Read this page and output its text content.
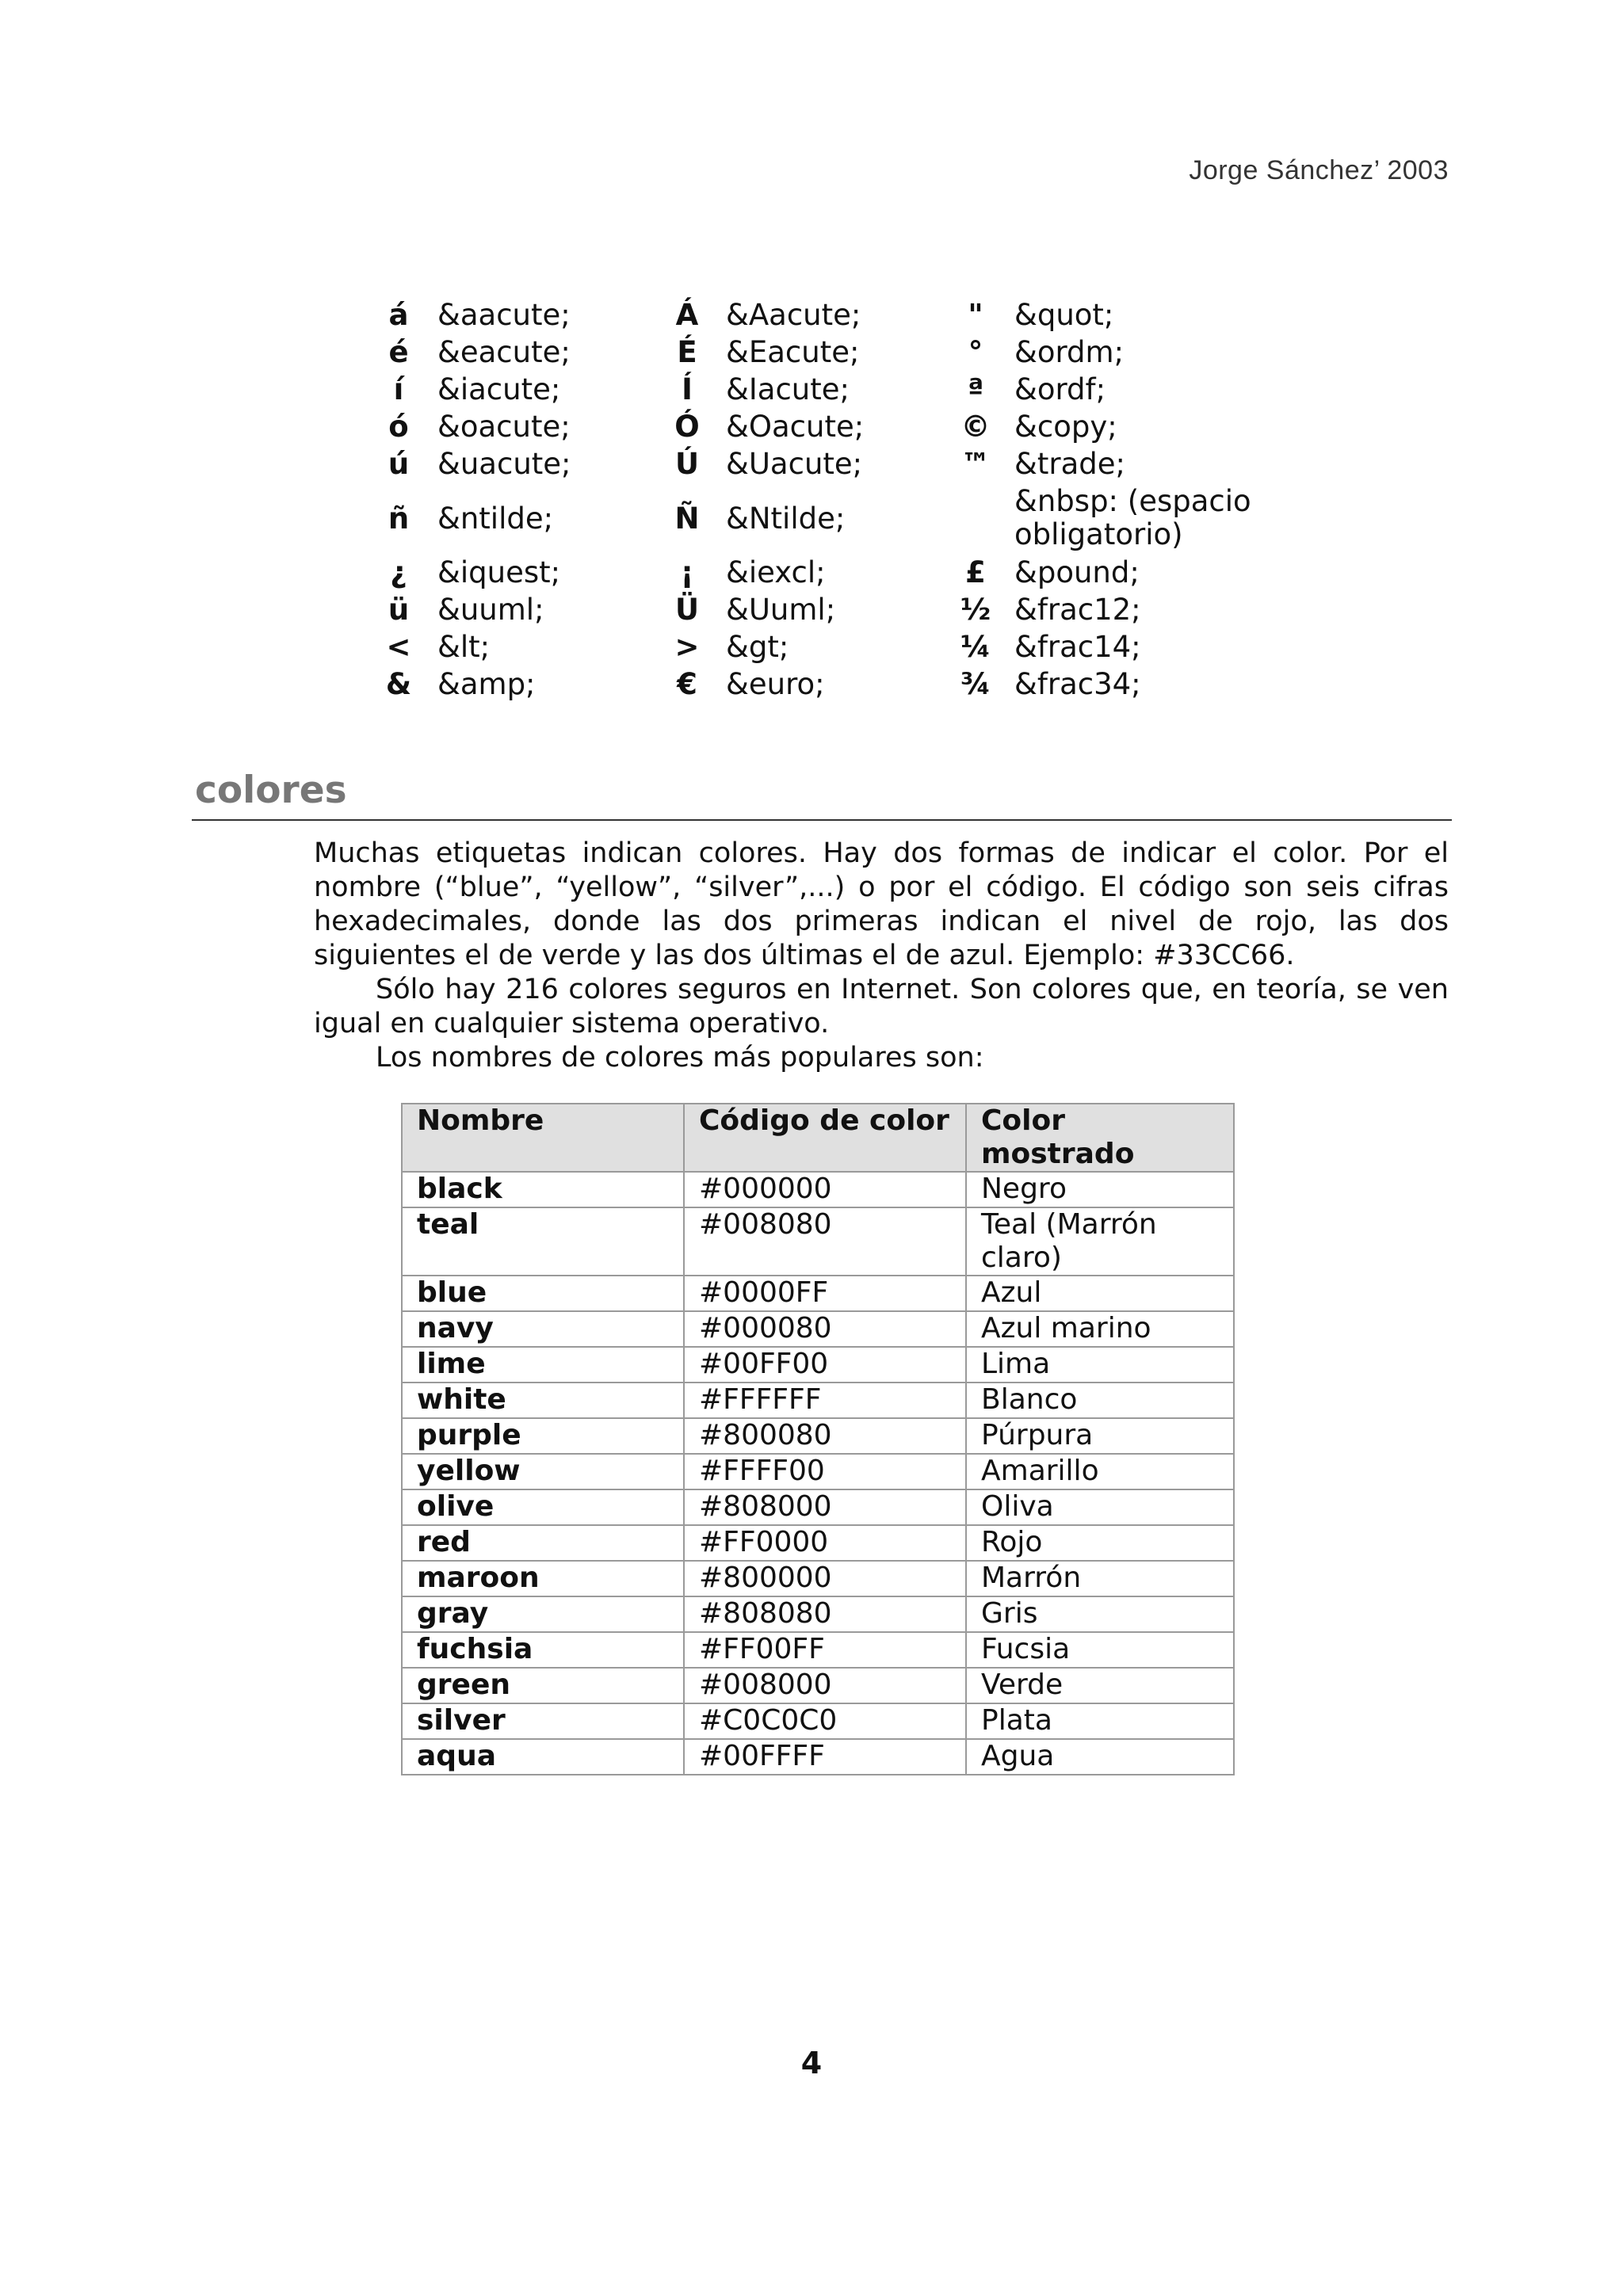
Jorge Sánchez’ 2003
á	&aacute;	Á	&Aacute;	"	&quot;
é	&eacute;	É	&Eacute;	°	&ordm;
í	&iacute;	Í	&Iacute;	ª	&ordf;
ó	&oacute;	Ó	&Oacute;	©	&copy;
ú	&uacute;	Ú	&Uacute;	™	&trade;
ñ	&ntilde;	Ñ	&Ntilde;		&nbsp: (espacio obligatorio)
¿	&iquest;	¡	&iexcl;	£	&pound;
ü	&uuml;	Ü	&Uuml;	½	&frac12;
<	&lt;	>	&gt;	¼	&frac14;
&	&amp;	€	&euro;	¾	&frac34;
colores

Muchas etiquetas indican colores. Hay dos formas de indicar el color. Por el nombre (“blue”, “yellow”, “silver”,...) o por el código. El código son seis cifras hexadecimales, donde las dos primeras indican el nivel de rojo, las dos siguientes el de verde y las dos últimas el de azul. Ejemplo: #33CC66.

Sólo hay 216 colores seguros en Internet. Son colores que, en teoría, se ven igual en cualquier sistema operativo.

Los nombres de colores más populares son:

Nombre	Código de color	Color mostrado
black	#000000	Negro
teal	#008080	Teal (Marrón claro)
blue	#0000FF	Azul
navy	#000080	Azul marino
lime	#00FF00	Lima
white	#FFFFFF	Blanco
purple	#800080	Púrpura
yellow	#FFFF00	Amarillo
olive	#808000	Oliva
red	#FF0000	Rojo
maroon	#800000	Marrón
gray	#808080	Gris
fuchsia	#FF00FF	Fucsia
green	#008000	Verde
silver	#C0C0C0	Plata
aqua	#00FFFF	Agua
4
